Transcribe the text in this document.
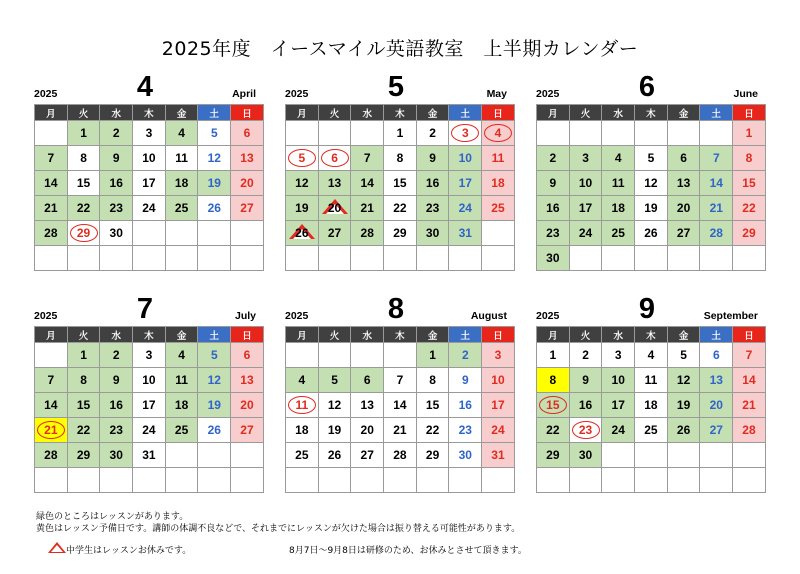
2025年度　イースマイル英語教室　上半期カレンダー
2025	4	April
月	火	水	木	金	土	日
	1	2	3	4	5	6
7	8	9	10	11	12	13
14	15	16	17	18	19	20
21	22	23	24	25	26	27
28	29	30				

2025	5	May
月	火	水	木	金	土	日
			1	2	3	4
5	6	7	8	9	10	11
12	13	14	15	16	17	18
19	20	21	22	23	24	25
26	27	28	29	30	31	

2025	6	June
月	火	水	木	金	土	日
						1
2	3	4	5	6	7	8
9	10	11	12	13	14	15
16	17	18	19	20	21	22
23	24	25	26	27	28	29
30						
2025	7	July
月	火	水	木	金	土	日
	1	2	3	4	5	6
7	8	9	10	11	12	13
14	15	16	17	18	19	20
21	22	23	24	25	26	27
28	29	30	31			

2025	8	August
月	火	水	木	金	土	日
				1	2	3
4	5	6	7	8	9	10
11	12	13	14	15	16	17
18	19	20	21	22	23	24
25	26	27	28	29	30	31

2025	9	September
月	火	水	木	金	土	日
1	2	3	4	5	6	7
8	9	10	11	12	13	14
15	16	17	18	19	20	21
22	23	24	25	26	27	28
29	30					

緑色のところはレッスンがあります。
黄色はレッスン予備日です。講師の体調不良などで、それまでにレッスンが欠けた場合は振り替える可能性があります。
中学生はレッスンお休みです。	8月7日～9月8日は研修のため、お休みとさせて頂きます。
